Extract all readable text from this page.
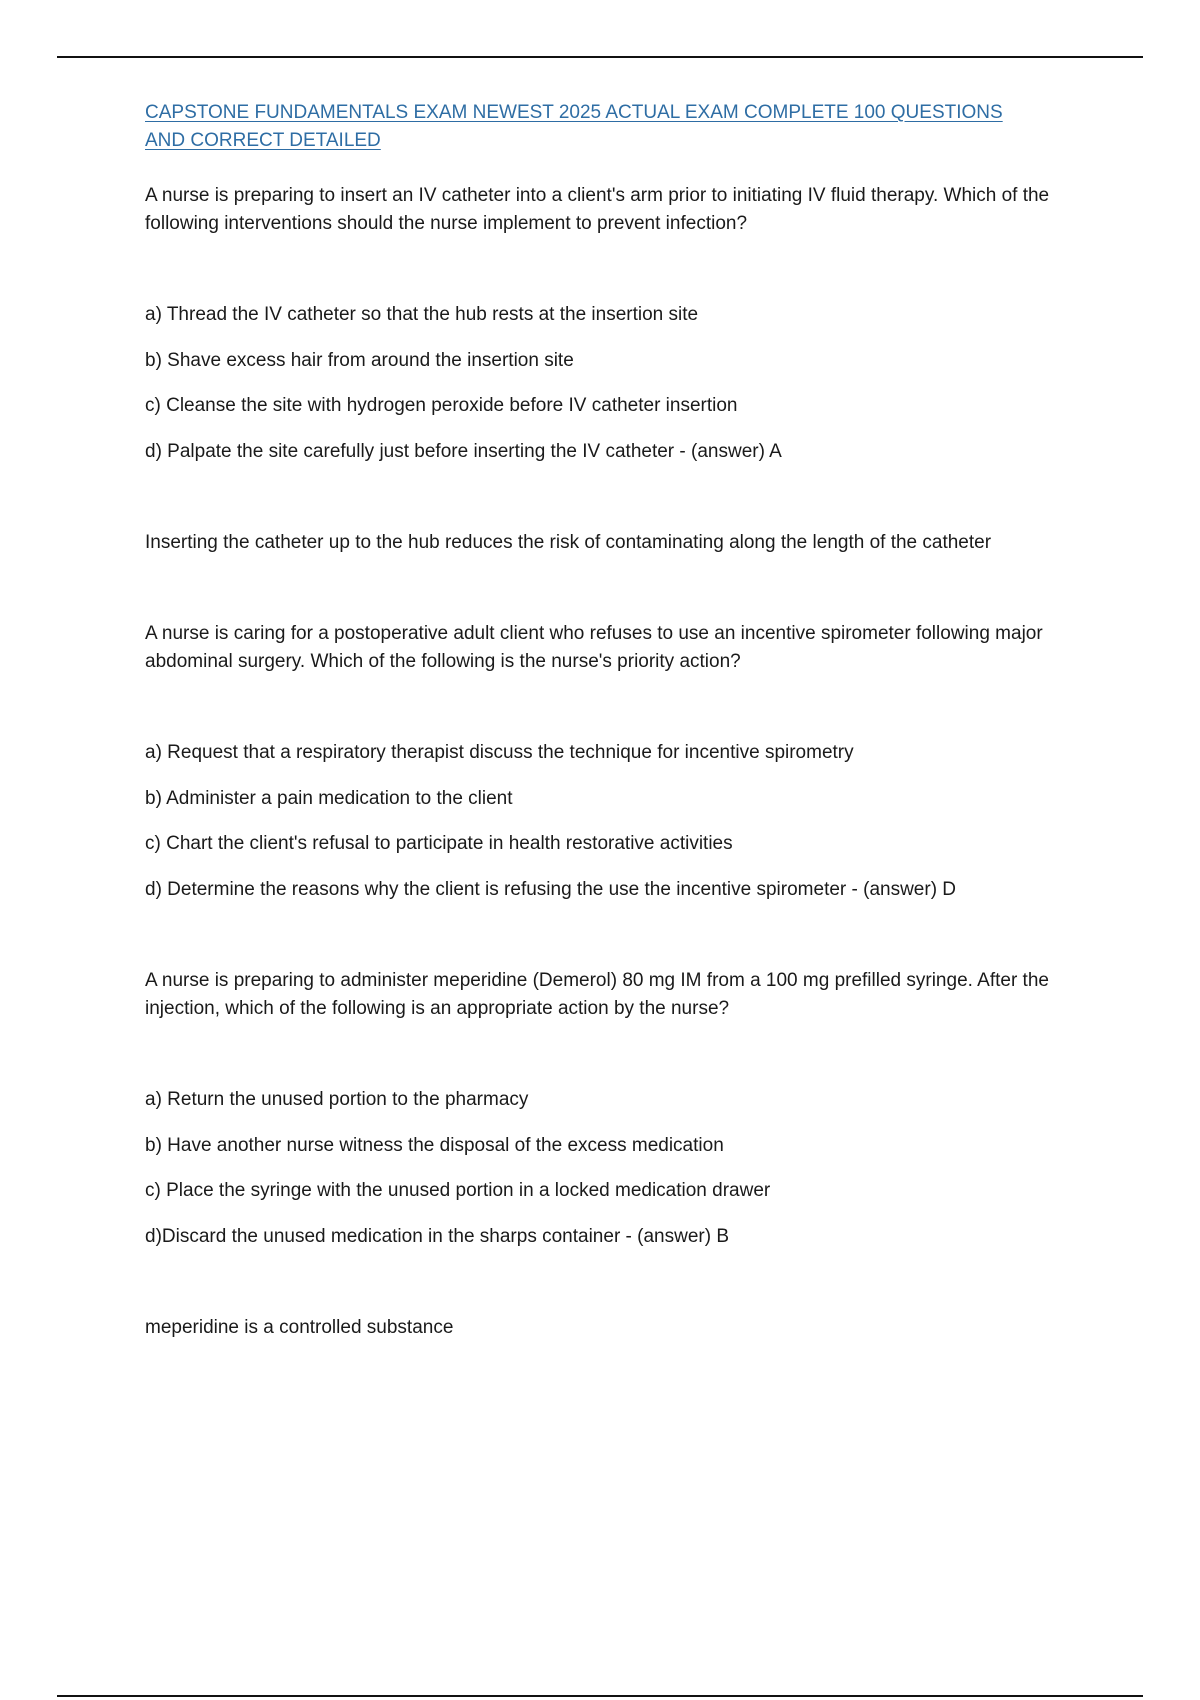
CAPSTONE FUNDAMENTALS EXAM NEWEST 2025 ACTUAL EXAM COMPLETE 100 QUESTIONS AND CORRECT DETAILED

A nurse is preparing to insert an IV catheter into a client's arm prior to initiating IV fluid therapy. Which of the following interventions should the nurse implement to prevent infection?

a) Thread the IV catheter so that the hub rests at the insertion site

b) Shave excess hair from around the insertion site

c) Cleanse the site with hydrogen peroxide before IV catheter insertion

d) Palpate the site carefully just before inserting the IV catheter - (answer) A

Inserting the catheter up to the hub reduces the risk of contaminating along the length of the catheter

A nurse is caring for a postoperative adult client who refuses to use an incentive spirometer following major abdominal surgery. Which of the following is the nurse's priority action?

a) Request that a respiratory therapist discuss the technique for incentive spirometry

b) Administer a pain medication to the client

c) Chart the client's refusal to participate in health restorative activities

d) Determine the reasons why the client is refusing the use the incentive spirometer - (answer) D

A nurse is preparing to administer meperidine (Demerol) 80 mg IM from a 100 mg prefilled syringe. After the injection, which of the following is an appropriate action by the nurse?

a) Return the unused portion to the pharmacy

b) Have another nurse witness the disposal of the excess medication

c) Place the syringe with the unused portion in a locked medication drawer

d)Discard the unused medication in the sharps container - (answer) B

meperidine is a controlled substance
